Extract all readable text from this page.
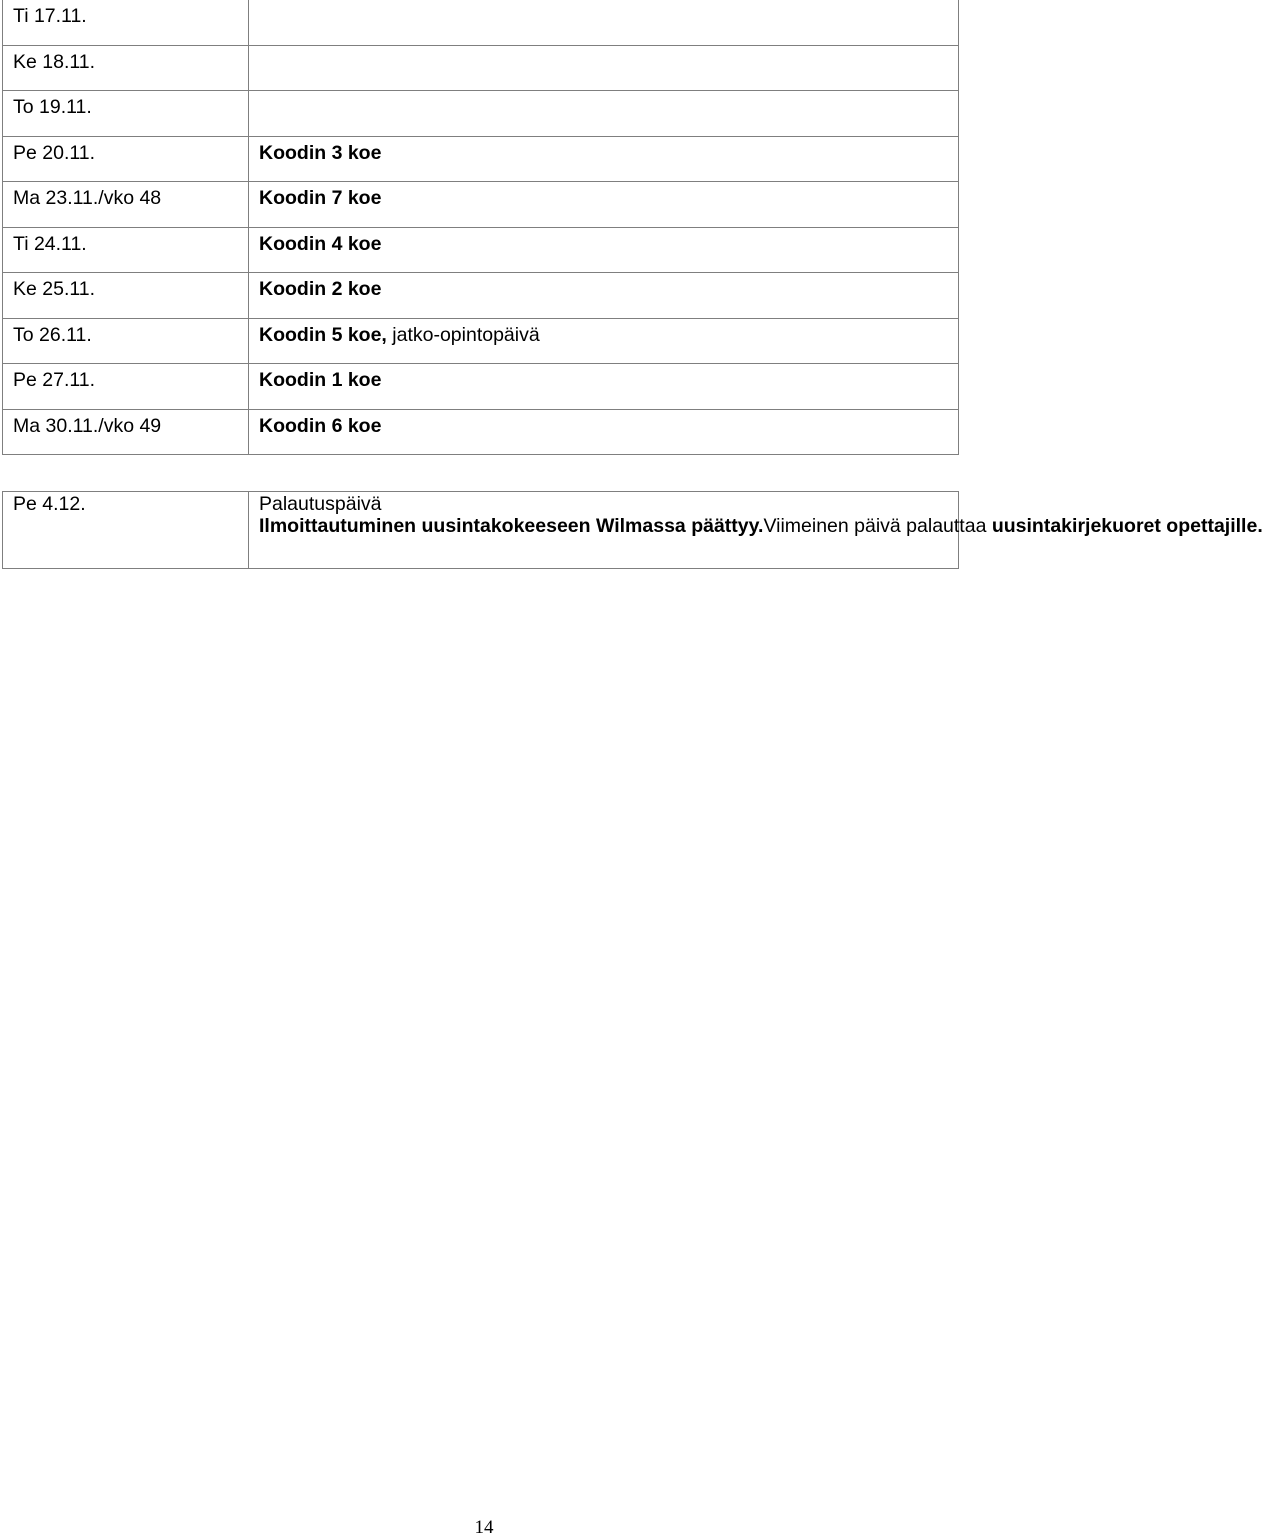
Ti 17.11.	
Ke 18.11.	
To 19.11.	
Pe 20.11.	Koodin 3 koe
Ma 23.11./vko 48	Koodin 7 koe
Ti 24.11.	Koodin 4 koe
Ke 25.11.	Koodin 2 koe
To 26.11.	Koodin 5 koe, jatko-opintopäivä
Pe 27.11.	Koodin 1 koe
Ma 30.11./vko 49	Koodin 6 koe
Pe 4.12.	Palautuspäivä
Ilmoittautuminen uusintakokeeseen Wilmassa päättyy.Viimeinen päivä palauttaa uusintakirjekuoret opettajille.
14
